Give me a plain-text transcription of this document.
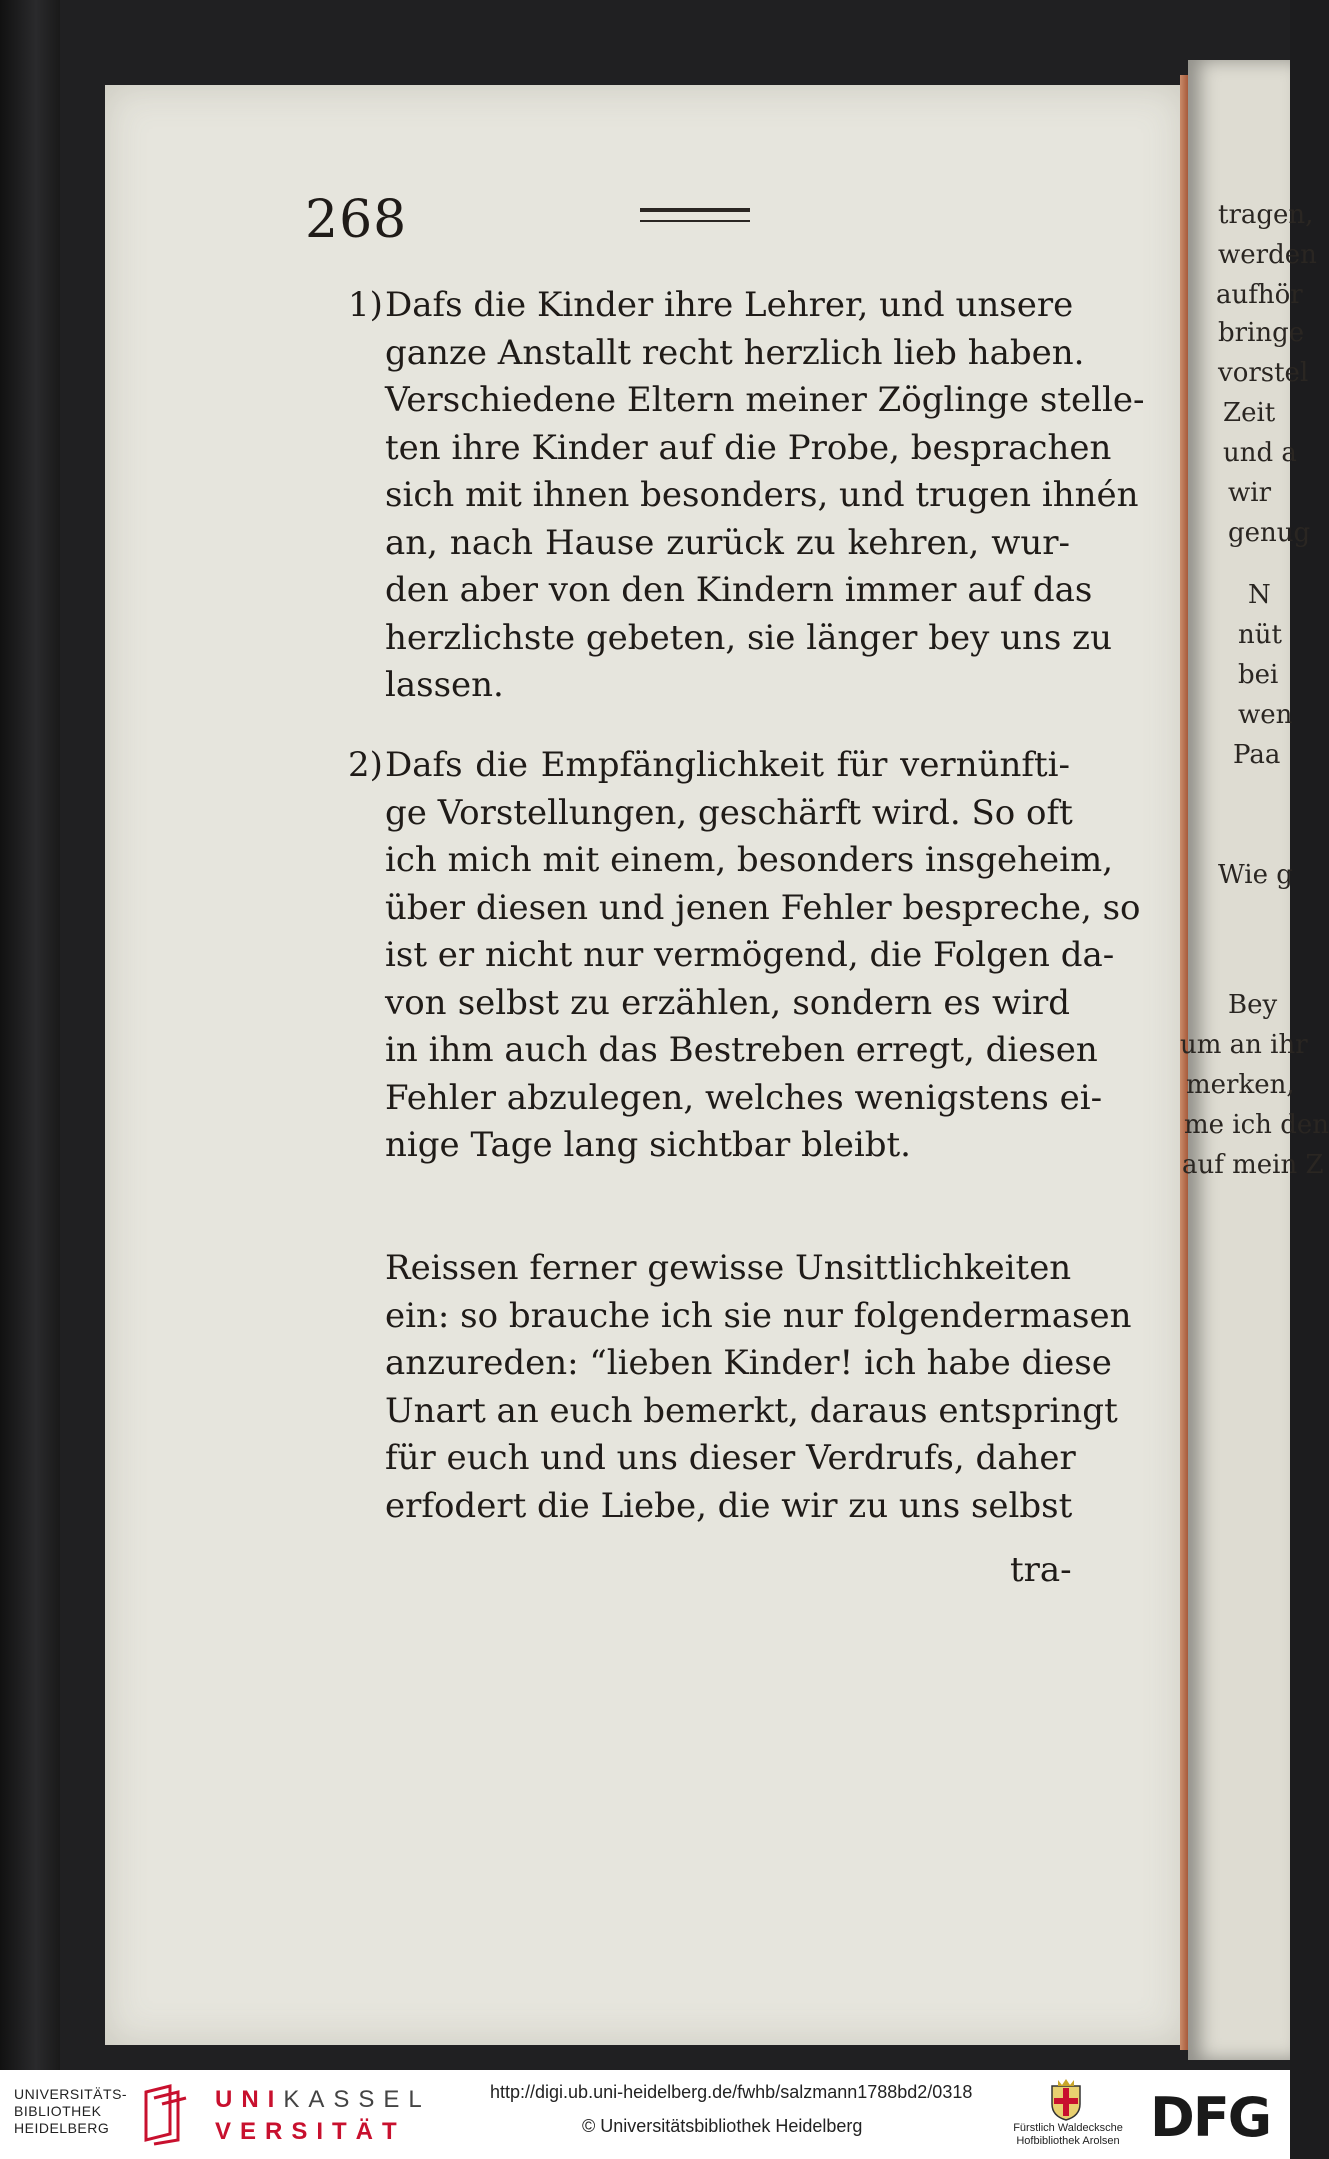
tragen,
werden
aufhör
bringe
vorstel
Zeit
und a
wir
genug
N
nüt
bei
wen
Paa
Wie g
Bey
um an ihr
merken,
me ich den
auf mein Z
268
1) Dafs die Kinder ihre Lehrer, und unsere
ganze Anstallt recht herzlich lieb haben.
Verschiedene Eltern meiner Zöglinge stelle-
ten ihre Kinder auf die Probe, besprachen
sich mit ihnen besonders, und trugen ihnén
an, nach Hause zurück zu kehren, wur-
den aber von den Kindern immer auf das
herzlichste gebeten, sie länger bey uns zu
lassen.
2) Dafs die Empfänglichkeit für vernünfti-
ge Vorstellungen, geschärft wird. So oft
ich mich mit einem, besonders insgeheim,
über diesen und jenen Fehler bespreche, so
ist er nicht nur vermögend, die Folgen da-
von selbst zu erzählen, sondern es wird
in ihm auch das Bestreben erregt, diesen
Fehler abzulegen, welches wenigstens ei-
nige Tage lang sichtbar bleibt.
Reissen ferner gewisse Unsittlichkeiten
ein: so brauche ich sie nur folgendermasen
anzureden: “lieben Kinder! ich habe diese
Unart an euch bemerkt, daraus entspringt
für euch und uns dieser Verdrufs, daher
erfodert die Liebe, die wir zu uns selbst
tra-
UNIVERSITÄTS-
BIBLIOTHEK
HEIDELBERG
UNIKASSEL
VERSITÄT
http://digi.ub.uni-heidelberg.de/fwhb/salzmann1788bd2/0318
© Universitätsbibliothek Heidelberg	Fürstlich Waldecksche
Hofbibliothek Arolsen DFG
